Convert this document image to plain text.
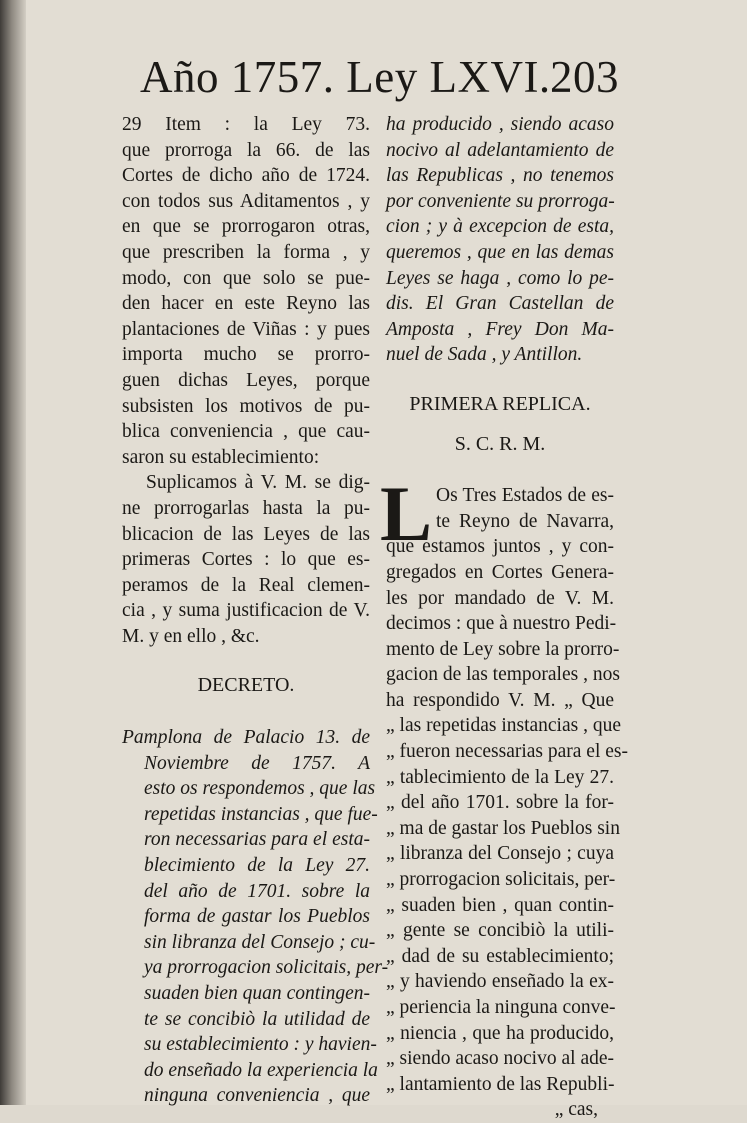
Año 1757. Ley LXVI. 203
29 Item : la Ley 73.
que prorroga la 66. de las
Cortes de dicho año de 1724.
con todos sus Aditamentos , y
en que se prorrogaron otras,
que prescriben la forma , y
modo, con que solo se pue-
den hacer en este Reyno las
plantaciones de Viñas : y pues
importa mucho se prorro-
guen dichas Leyes, porque
subsisten los motivos de pu-
blica conveniencia , que cau-
saron su establecimiento:
Suplicamos à V. M. se dig-
ne prorrogarlas hasta la pu-
blicacion de las Leyes de las
primeras Cortes : lo que es-
peramos de la Real clemen-
cia , y suma justificacion de V.
M. y en ello , &c.
DECRETO.
Pamplona de Palacio 13. de
Noviembre de 1757. A
esto os respondemos , que las
repetidas instancias , que fue-
ron necessarias para el esta-
blecimiento de la Ley 27.
del año de 1701. sobre la
forma de gastar los Pueblos
sin libranza del Consejo ; cu-
ya prorrogacion solicitais, per-
suaden bien quan contingen-
te se concibiò la utilidad de
su establecimiento : y havien-
do enseñado la experiencia la
ninguna conveniencia , que
ha producido , siendo acaso
nocivo al adelantamiento de
las Republicas , no tenemos
por conveniente su prorroga-
cion ; y à excepcion de esta,
queremos , que en las demas
Leyes se haga , como lo pe-
dis. El Gran Castellan de
Amposta , Frey Don Ma-
nuel de Sada , y Antillon.
PRIMERA REPLICA.
S. C. R. M.
L Os Tres Estados de es-
te Reyno de Navarra,
que estamos juntos , y con-
gregados en Cortes Genera-
les por mandado de V. M.
decimos : que à nuestro Pedi-
mento de Ley sobre la prorro-
gacion de las temporales , nos
ha respondido V. M. „ Que
„ las repetidas instancias , que
„ fueron necessarias para el es-
„ tablecimiento de la Ley 27.
„ del año 1701. sobre la for-
„ ma de gastar los Pueblos sin
„ libranza del Consejo ; cuya
„ prorrogacion solicitais, per-
„ suaden bien , quan contin-
„ gente se concibiò la utili-
„ dad de su establecimiento;
„ y haviendo enseñado la ex-
„ periencia la ninguna conve-
„ niencia , que ha producido,
„ siendo acaso nocivo al ade-
„ lantamiento de las Republi-
„ cas,
